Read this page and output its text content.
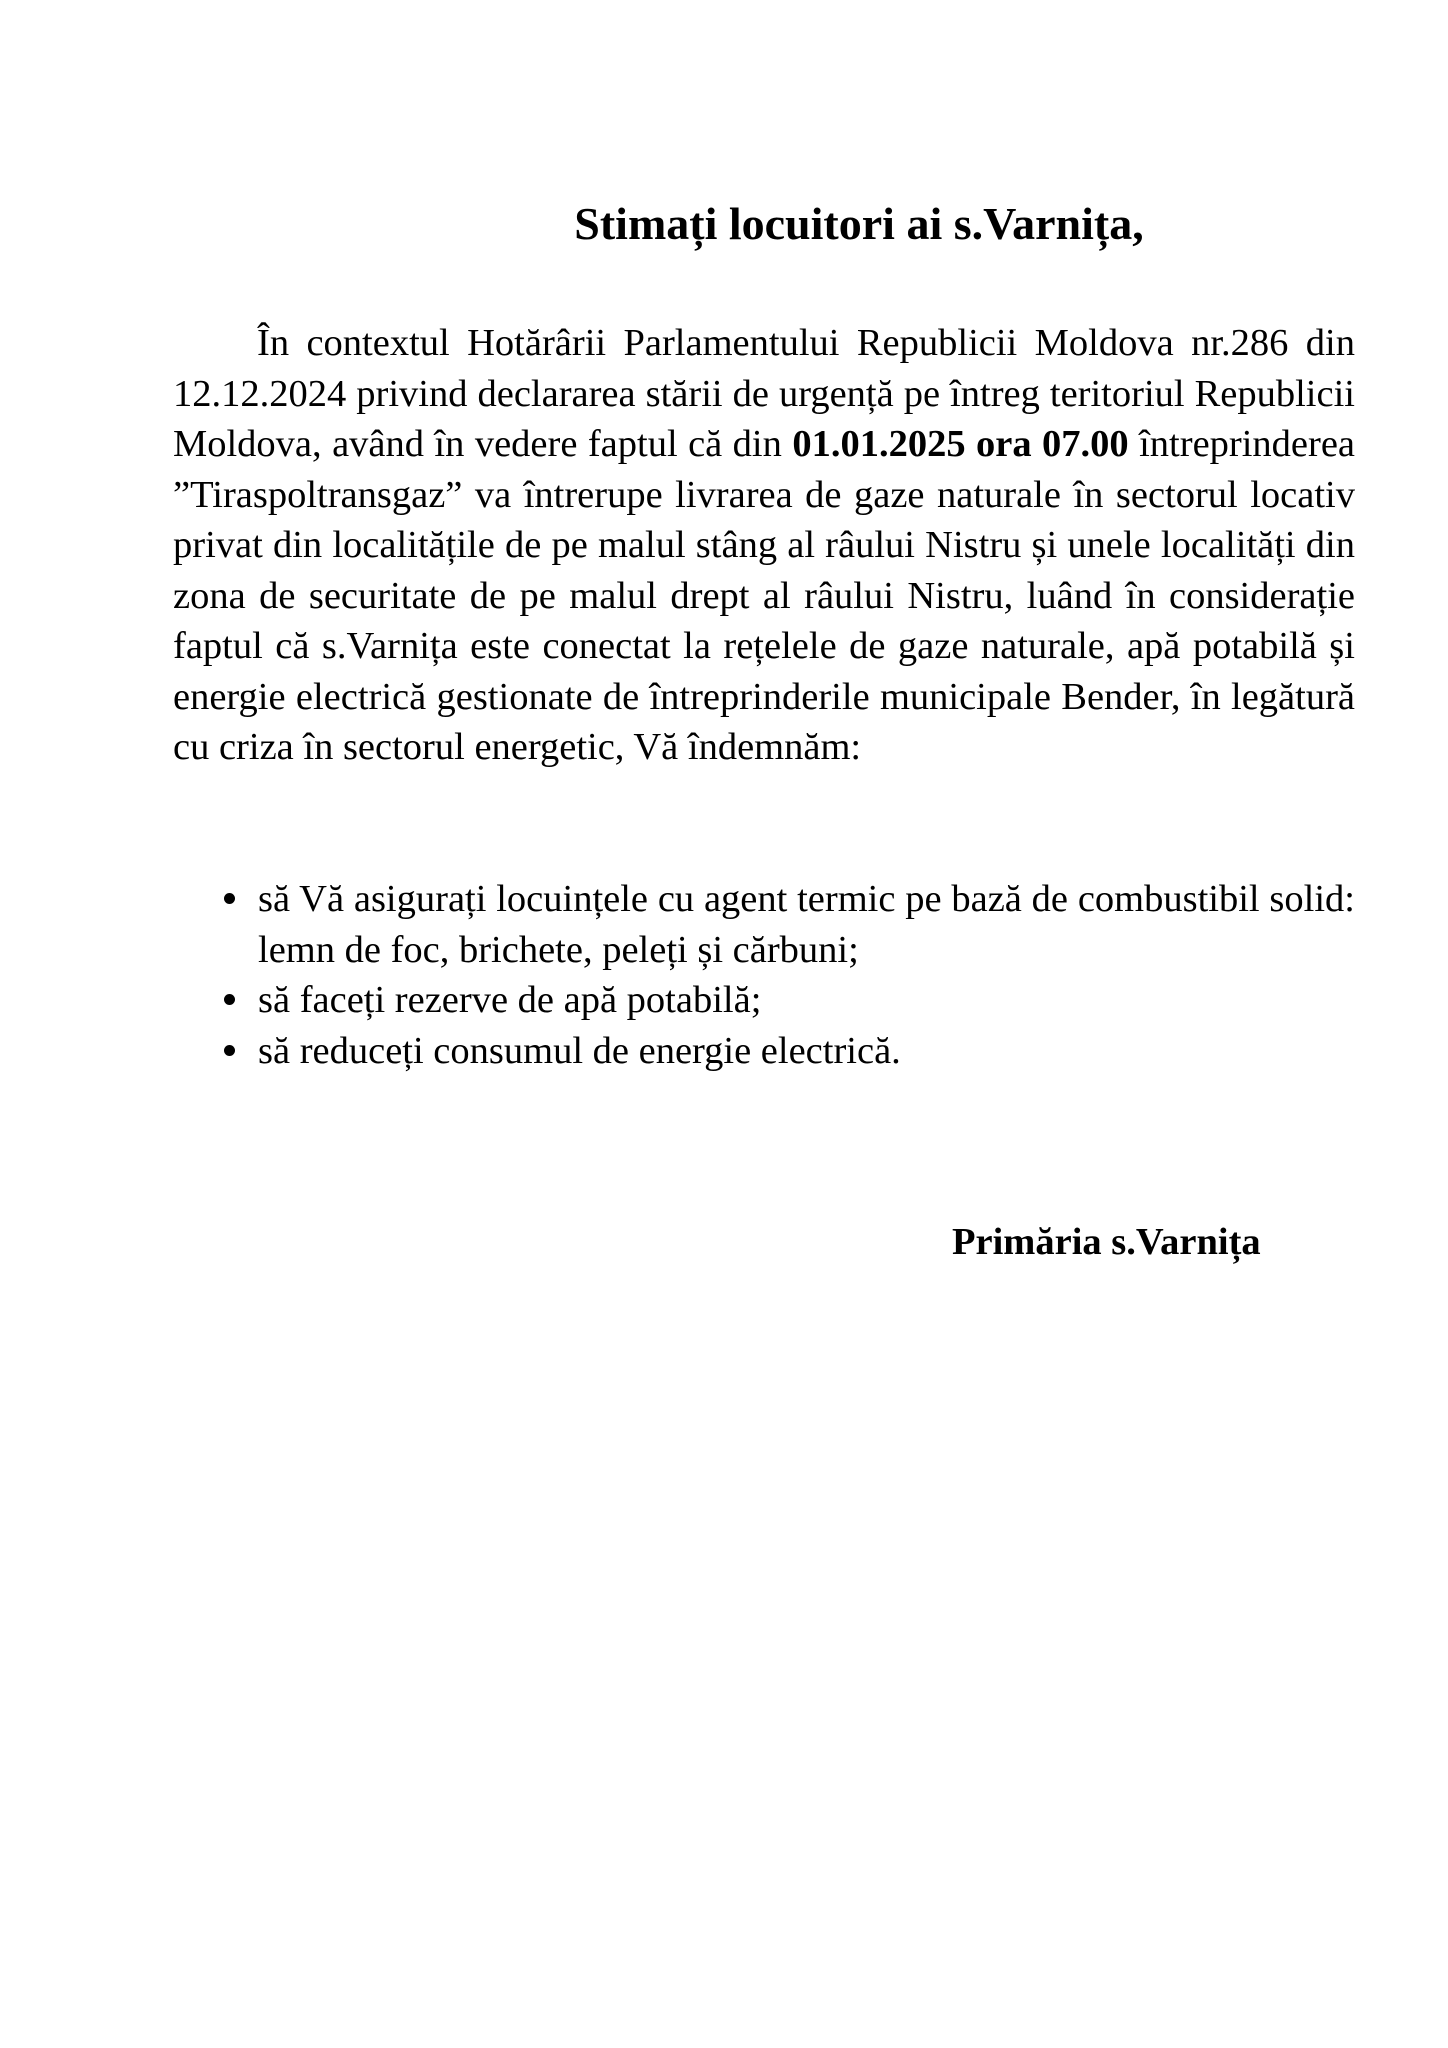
Stimați locuitori ai s.Varnița,

În contextul Hotărârii Parlamentului Republicii Moldova nr.286 din 12.12.2024 privind declararea stării de urgență pe întreg teritoriul Republicii Moldova, având în vedere faptul că din 01.01.2025 ora 07.00 întreprinderea ”Tiraspoltransgaz” va întrerupe livrarea de gaze naturale în sectorul locativ privat din localitățile de pe malul stâng al râului Nistru și unele localități din zona de securitate de pe malul drept al râului Nistru, luând în considerație faptul că s.Varnița este conectat la rețelele de gaze naturale, apă potabilă și energie electrică gestionate de întreprinderile municipale Bender, în legătură cu criza în sectorul energetic, Vă îndemnăm:

să Vă asigurați locuințele cu agent termic pe bază de combustibil solid: lemn de foc, brichete, peleți și cărbuni;
să faceți rezerve de apă potabilă;
să reduceți consumul de energie electrică.
Primăria s.Varnița
